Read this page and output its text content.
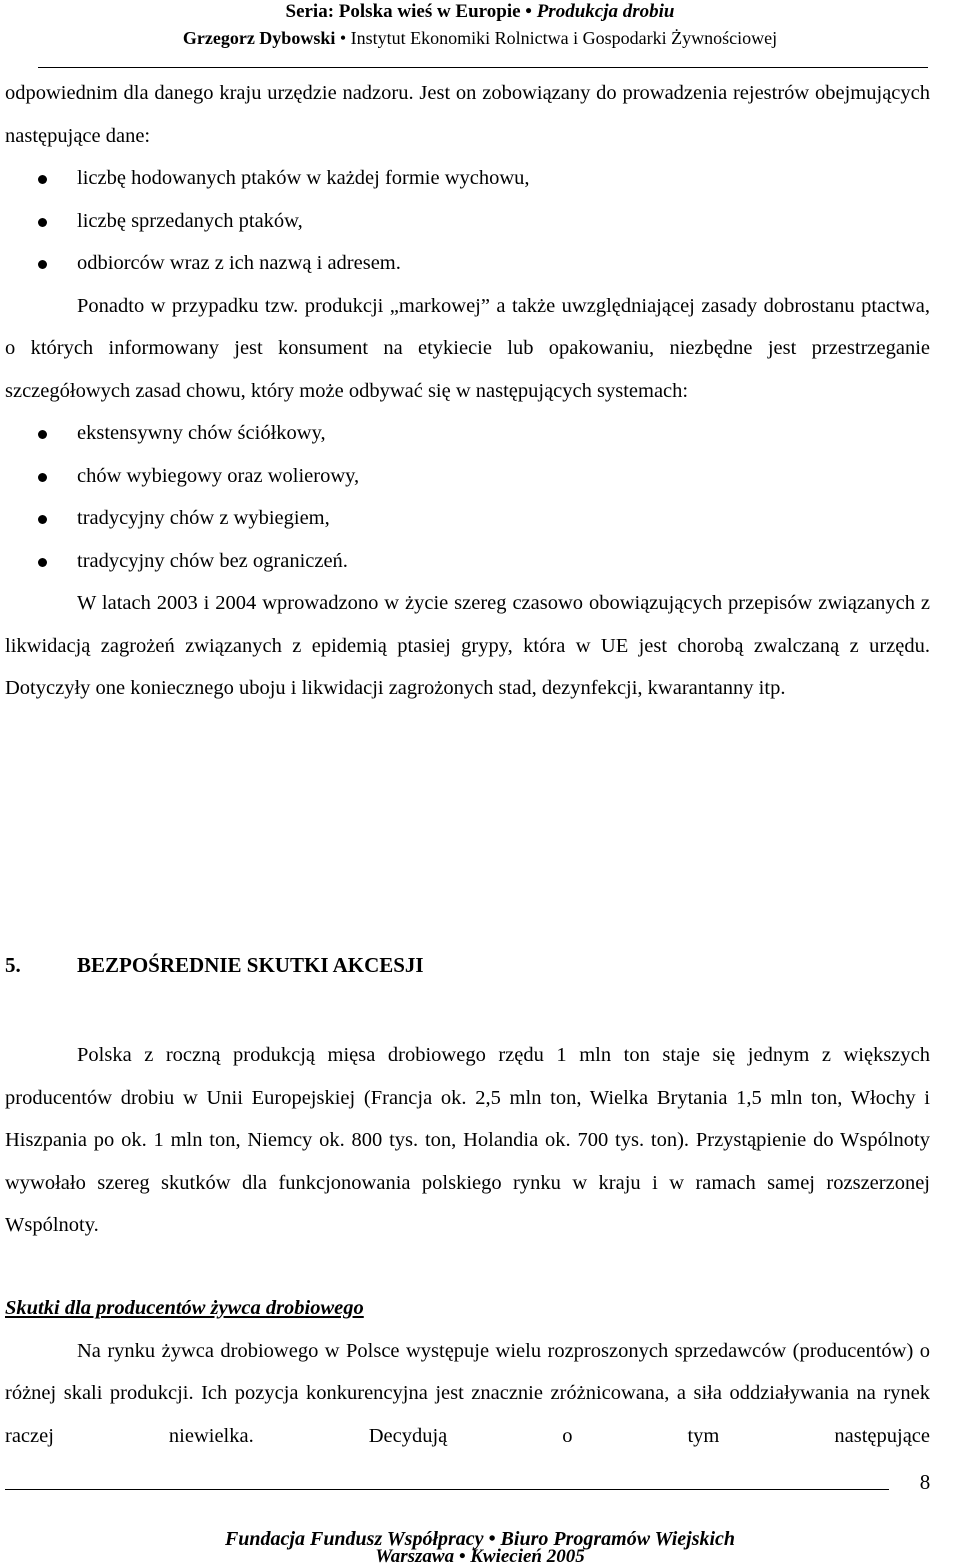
Seria: Polska wieś w Europie • Produkcja drobiu
Grzegorz Dybowski • Instytut Ekonomiki Rolnictwa i Gospodarki Żywnościowej

odpowiednim dla danego kraju urzędzie nadzoru. Jest on zobowiązany do prowadzenia rejestrów obejmujących następujące dane:

liczbę hodowanych ptaków w każdej formie wychowu,
liczbę sprzedanych ptaków,
odbiorców wraz z ich nazwą i adresem.

Ponadto w przypadku tzw. produkcji „markowej” a także uwzględniającej zasady dobrostanu ptactwa, o których informowany jest konsument na etykiecie lub opakowaniu, niezbędne jest przestrzeganie szczegółowych zasad chowu, który może odbywać się w następujących systemach:

ekstensywny chów ściółkowy,
chów wybiegowy oraz wolierowy,
tradycyjny chów z wybiegiem,
tradycyjny chów bez ograniczeń.

W latach 2003 i 2004 wprowadzono w życie szereg czasowo obowiązujących przepisów związanych z likwidacją zagrożeń związanych z epidemią ptasiej grypy, która w UE jest chorobą zwalczaną z urzędu. Dotyczyły one koniecznego uboju i likwidacji zagrożonych stad, dezynfekcji, kwarantanny itp.

5.	BEZPOŚREDNIE SKUTKI AKCESJI

Polska z roczną produkcją mięsa drobiowego rzędu 1 mln ton staje się jednym z większych producentów drobiu w Unii Europejskiej (Francja ok. 2,5 mln ton, Wielka Brytania 1,5 mln ton, Włochy i Hiszpania po ok. 1 mln ton, Niemcy ok. 800 tys. ton, Holandia ok. 700 tys. ton). Przystąpienie do Wspólnoty wywołało szereg skutków dla funkcjonowania polskiego rynku w kraju i w ramach samej rozszerzonej Wspólnoty.

Skutki dla producentów żywca drobiowego

Na rynku żywca drobiowego w Polsce występuje wielu rozproszonych sprzedawców (producentów) o różnej skali produkcji. Ich pozycja konkurencyjna jest znacznie zróżnicowana, a siła oddziaływania na rynek raczej niewielka. Decydują o tym następujące

8
Fundacja Fundusz Współpracy • Biuro Programów Wiejskich
Warszawa • Kwiecień 2005
